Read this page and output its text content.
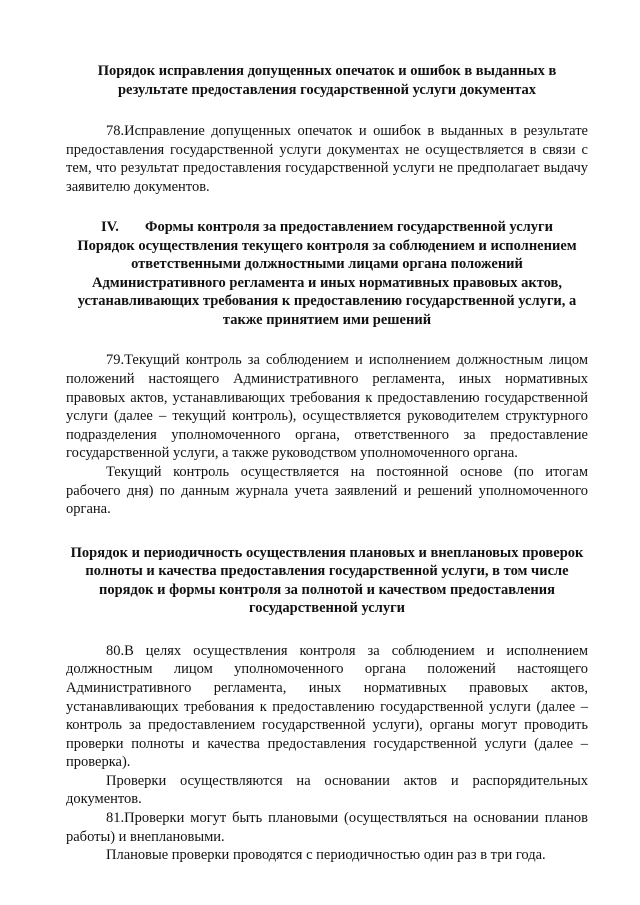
Порядок исправления допущенных опечаток и ошибок в выданных в результате предоставления государственной услуги документах

78.Исправление допущенных опечаток и ошибок в выданных в результате предоставления государственной услуги документах не осуществляется в связи с тем, что результат предоставления государственной услуги не предполагает выдачу заявителю документов.

IV.	Формы контроля за предоставлением государственной услуги

Порядок осуществления текущего контроля за соблюдением и исполнением ответственными должностными лицами органа положений Административного регламента и иных нормативных правовых актов, устанавливающих требования к предоставлению государственной услуги, а также принятием ими решений

79.Текущий контроль за соблюдением и исполнением должностным лицом положений настоящего Административного регламента, иных нормативных правовых актов, устанавливающих требования к предоставлению государственной услуги (далее – текущий контроль), осуществляется руководителем структурного подразделения уполномоченного органа, ответственного за предоставление государственной услуги, а также руководством уполномоченного органа.

Текущий контроль осуществляется на постоянной основе (по итогам рабочего дня) по данным журнала учета заявлений и решений уполномоченного органа.

Порядок и периодичность осуществления плановых и внеплановых проверок полноты и качества предоставления государственной услуги, в том числе порядок и формы контроля за полнотой и качеством предоставления государственной услуги

80.В целях осуществления контроля за соблюдением и исполнением должностным лицом уполномоченного органа положений настоящего Административного регламента, иных нормативных правовых актов, устанавливающих требования к предоставлению государственной услуги (далее – контроль за предоставлением государственной услуги), органы могут проводить проверки полноты и качества предоставления государственной услуги (далее – проверка).

Проверки осуществляются на основании актов и распорядительных документов.

81.Проверки могут быть плановыми (осуществляться на основании планов работы) и внеплановыми.

Плановые проверки проводятся с периодичностью один раз в три года.
